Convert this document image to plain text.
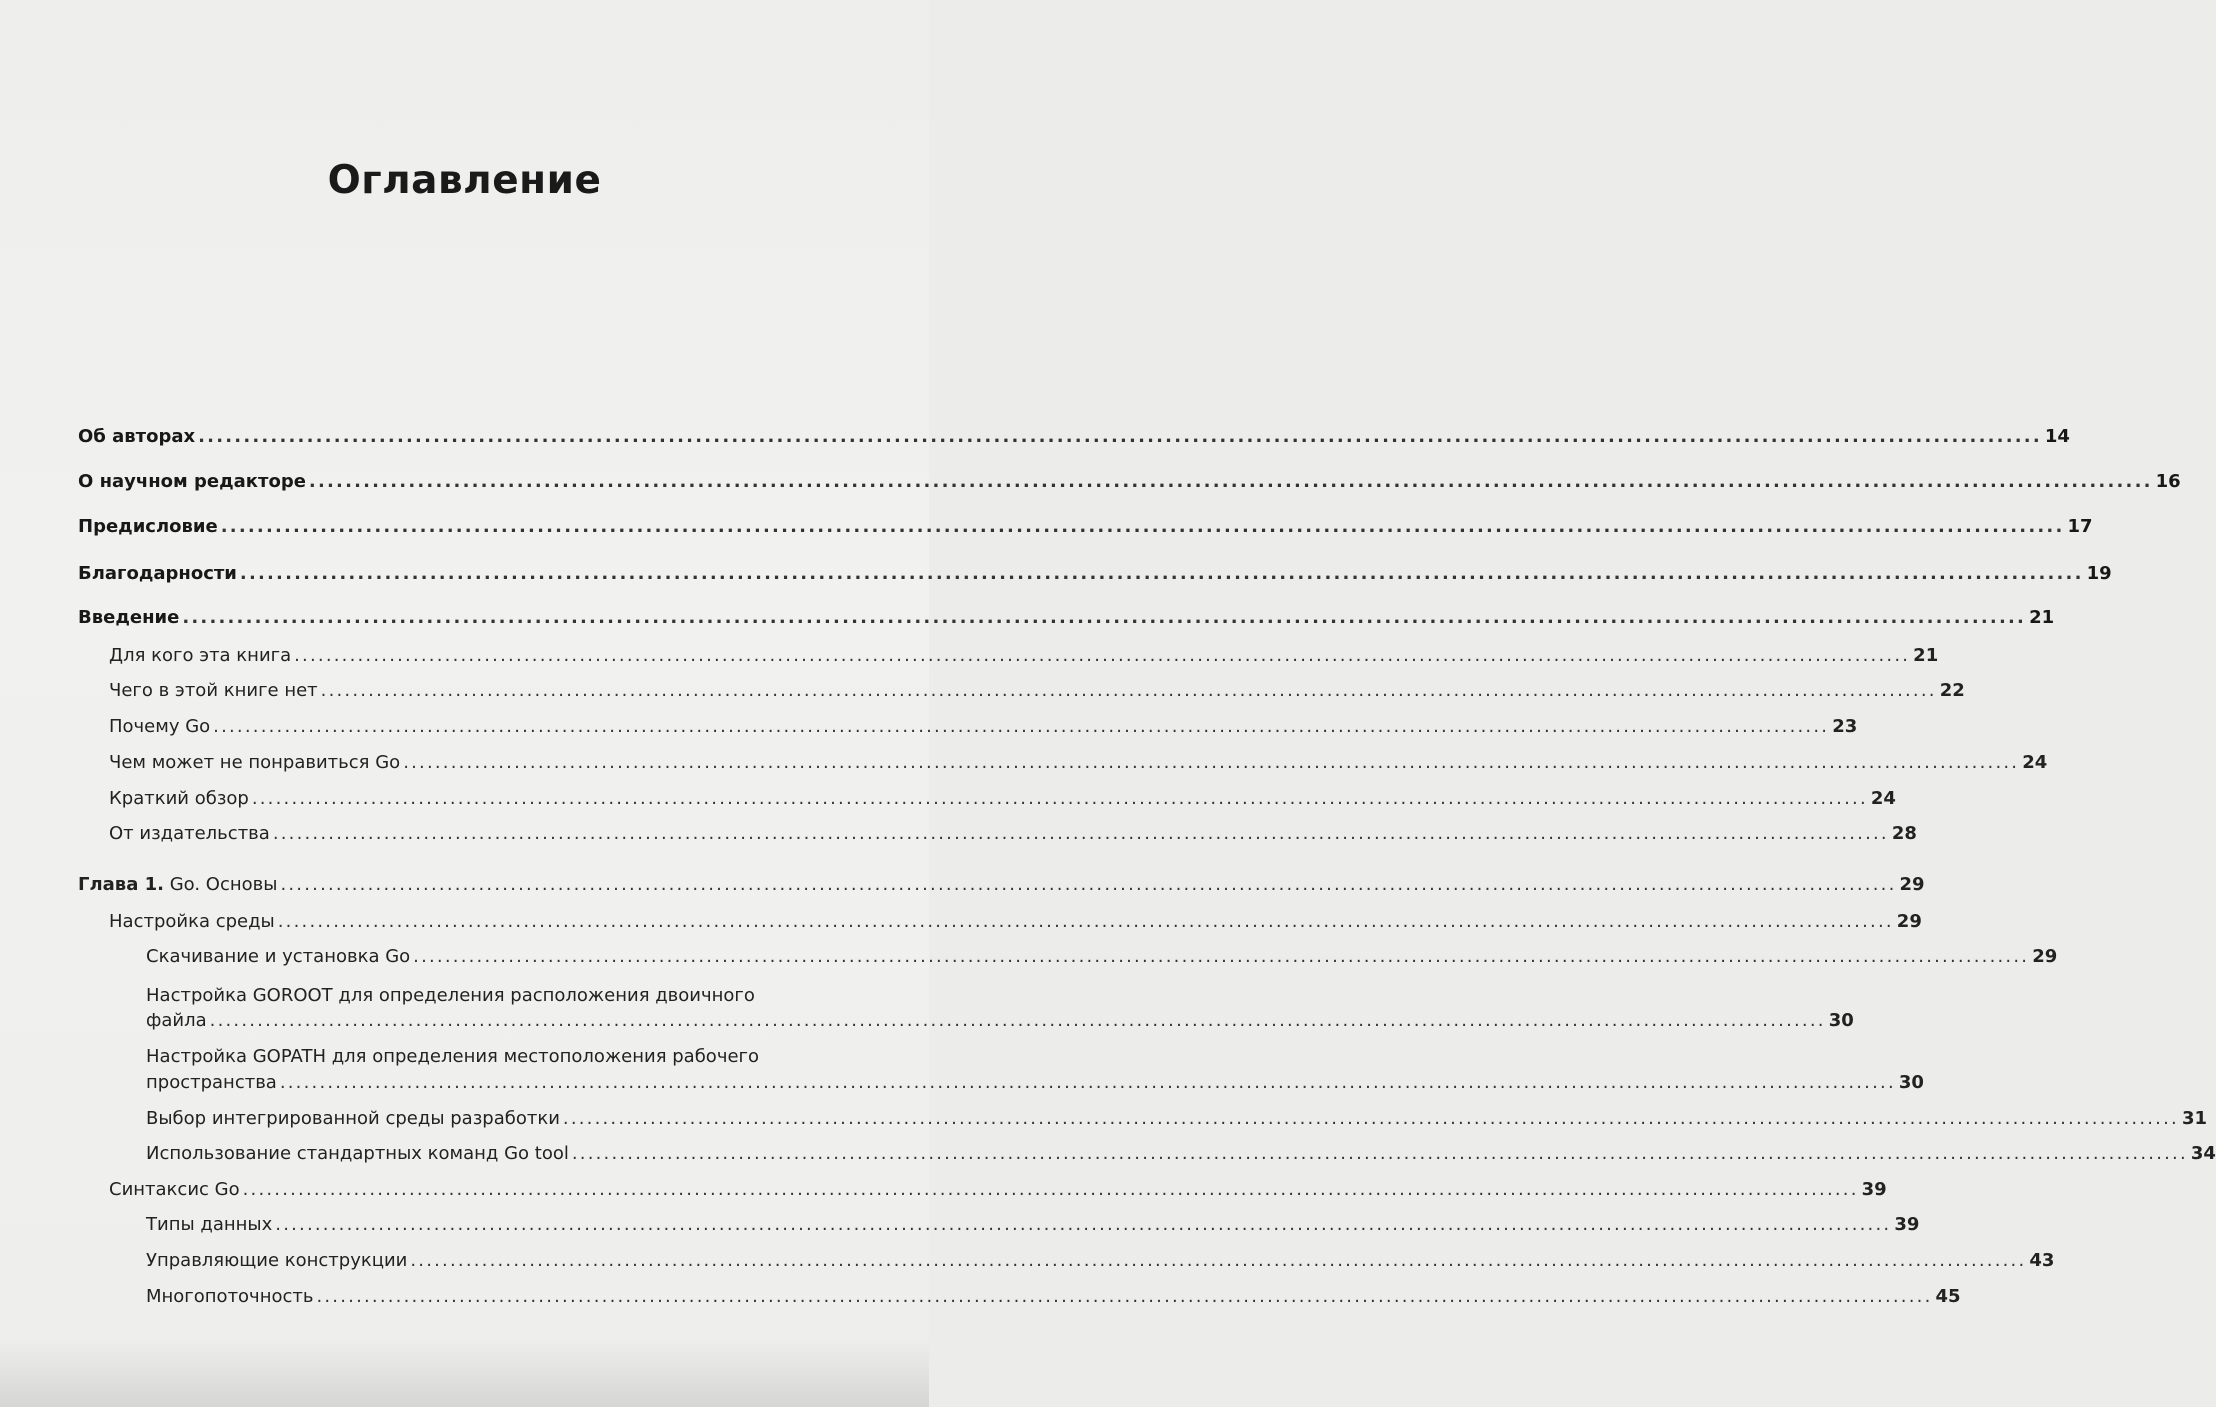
Оглавление
Об авторах ............................................................................................................................................................................................................ 14
О научном редакторе ............................................................................................................................................................................................................ 16
Предисловие ............................................................................................................................................................................................................ 17
Благодарности ............................................................................................................................................................................................................ 19
Введение ............................................................................................................................................................................................................ 21
Для кого эта книга ............................................................................................................................................................................................................ 21
Чего в этой книге нет ............................................................................................................................................................................................................ 22
Почему Go ............................................................................................................................................................................................................ 23
Чем может не понравиться Go ............................................................................................................................................................................................................ 24
Краткий обзор ............................................................................................................................................................................................................ 24
От издательства ............................................................................................................................................................................................................ 28
Глава 1. Go. Основы ............................................................................................................................................................................................................ 29
Настройка среды ............................................................................................................................................................................................................ 29
Скачивание и установка Go ............................................................................................................................................................................................................ 29
Настройка GOROOT для определения расположения двоичного
файла ............................................................................................................................................................................................................ 30
Настройка GOPATH для определения местоположения рабочего
пространства ............................................................................................................................................................................................................ 30
Выбор интегрированной среды разработки ............................................................................................................................................................................................................ 31
Использование стандартных команд Go tool ............................................................................................................................................................................................................ 34
Синтаксис Go ............................................................................................................................................................................................................ 39
Типы данных ............................................................................................................................................................................................................ 39
Управляющие конструкции ............................................................................................................................................................................................................ 43
Многопоточность ............................................................................................................................................................................................................ 45
